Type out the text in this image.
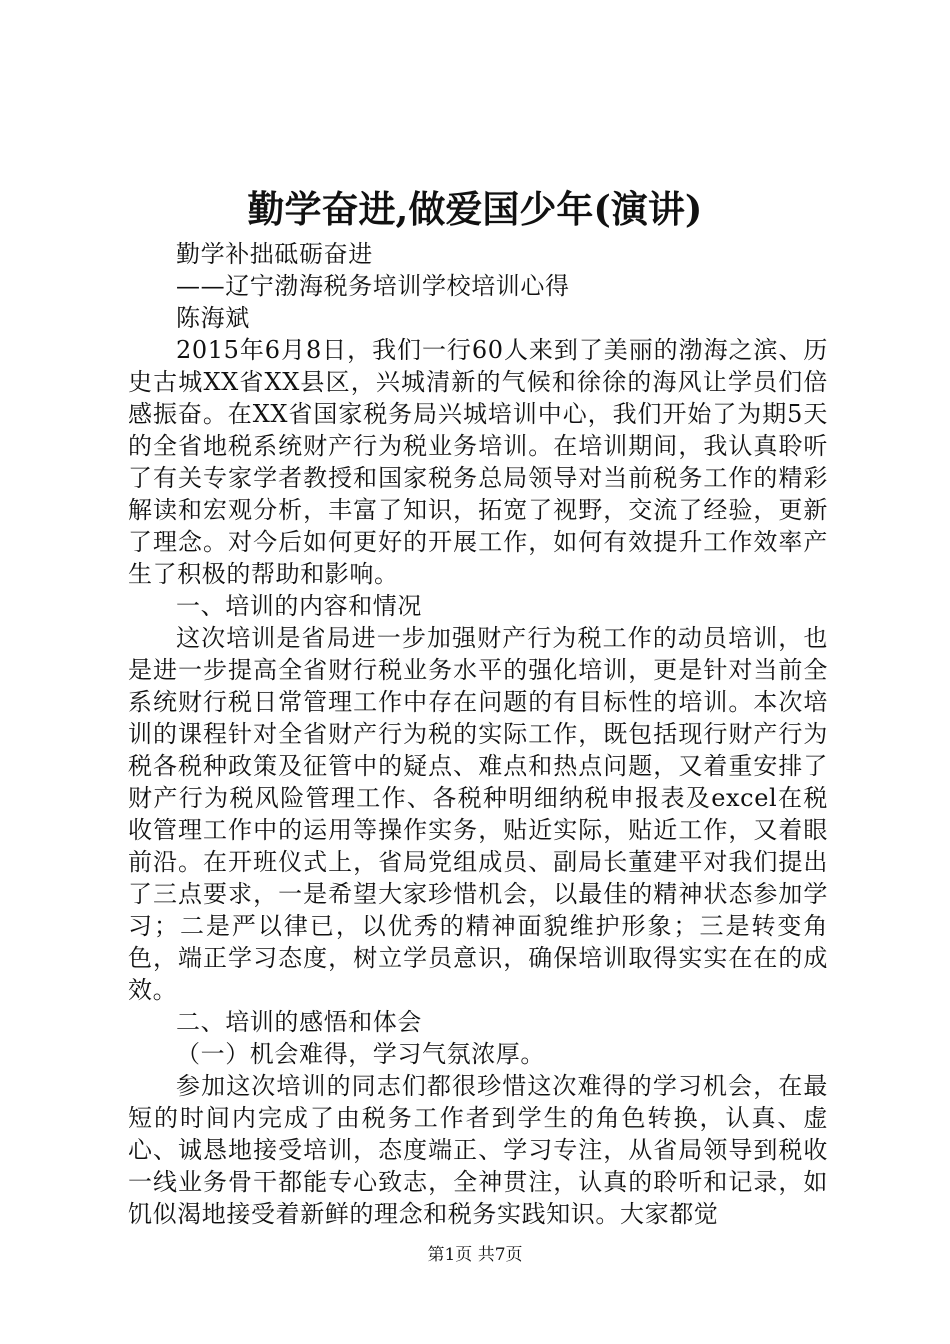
勤学奋进,做爱国少年(演讲)

勤学补拙砥砺奋进

——辽宁渤海税务培训学校培训心得

陈海斌

2015年6月8日，我们一行60人来到了美丽的渤海之滨、历史古城XX省XX县区，兴城清新的气候和徐徐的海风让学员们倍感振奋。在XX省国家税务局兴城培训中心，我们开始了为期5天的全省地税系统财产行为税业务培训。在培训期间，我认真聆听了有关专家学者教授和国家税务总局领导对当前税务工作的精彩解读和宏观分析，丰富了知识，拓宽了视野，交流了经验，更新了理念。对今后如何更好的开展工作，如何有效提升工作效率产生了积极的帮助和影响。

一、培训的内容和情况

这次培训是省局进一步加强财产行为税工作的动员培训，也是进一步提高全省财行税业务水平的强化培训，更是针对当前全系统财行税日常管理工作中存在问题的有目标性的培训。本次培训的课程针对全省财产行为税的实际工作，既包括现行财产行为税各税种政策及征管中的疑点、难点和热点问题，又着重安排了财产行为税风险管理工作、各税种明细纳税申报表及excel在税收管理工作中的运用等操作实务，贴近实际，贴近工作，又着眼前沿。在开班仪式上，省局党组成员、副局长董建平对我们提出了三点要求，一是希望大家珍惜机会，以最佳的精神状态参加学习；二是严以律已，以优秀的精神面貌维护形象；三是转变角色，端正学习态度，树立学员意识，确保培训取得实实在在的成效。

二、培训的感悟和体会

（一）机会难得，学习气氛浓厚。

参加这次培训的同志们都很珍惜这次难得的学习机会，在最短的时间内完成了由税务工作者到学生的角色转换，认真、虚心、诚恳地接受培训，态度端正、学习专注，从省局领导到税收一线业务骨干都能专心致志，全神贯注，认真的聆听和记录，如饥似渴地接受着新鲜的理念和税务实践知识。大家都觉

第1页 共7页
